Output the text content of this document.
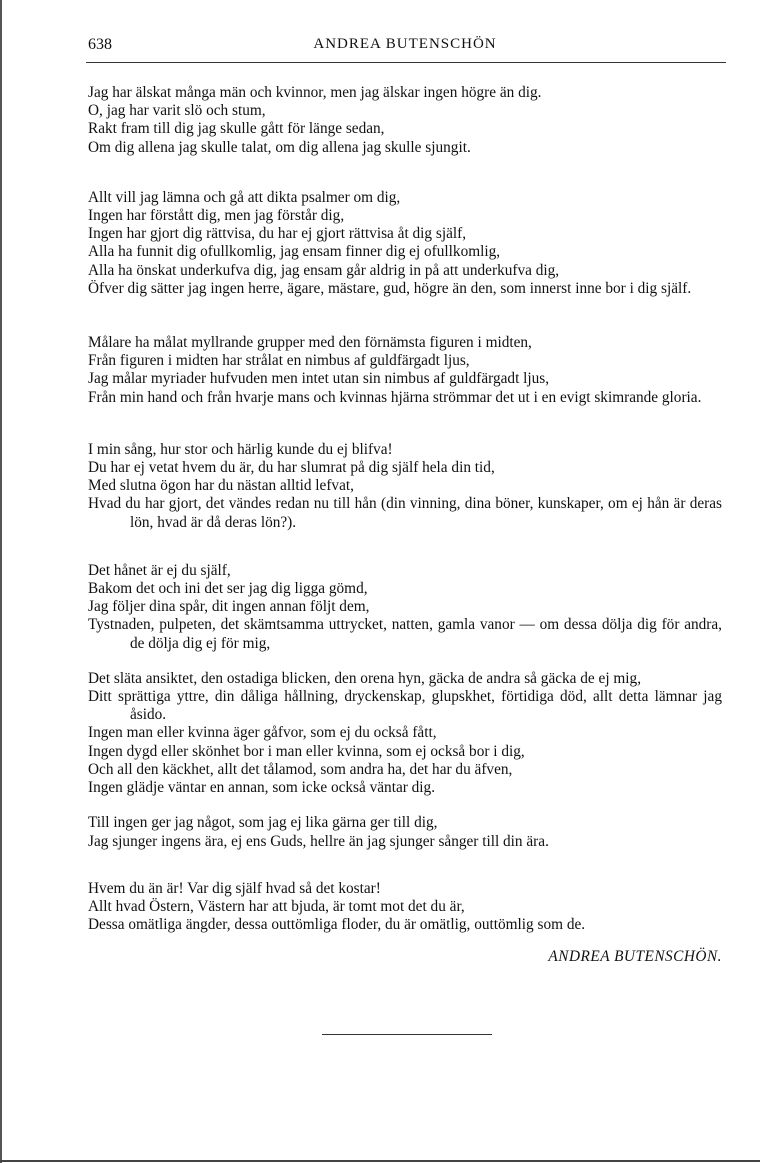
638	ANDREA BUTENSCHÖN
Jag har älskat många män och kvinnor, men jag älskar ingen högre än dig.
O, jag har varit slö och stum,
Rakt fram till dig jag skulle gått för länge sedan,
Om dig allena jag skulle talat, om dig allena jag skulle sjungit.
Allt vill jag lämna och gå att dikta psalmer om dig,
Ingen har förstått dig, men jag förstår dig,
Ingen har gjort dig rättvisa, du har ej gjort rättvisa åt dig själf,
Alla ha funnit dig ofullkomlig, jag ensam finner dig ej ofullkomlig,
Alla ha önskat underkufva dig, jag ensam går aldrig in på att underkufva dig,
Öfver dig sätter jag ingen herre, ägare, mästare, gud, högre än den, som innerst inne bor i dig själf.
Målare ha målat myllrande grupper med den förnämsta figuren i midten,
Från figuren i midten har strålat en nimbus af guldfärgadt ljus,
Jag målar myriader hufvuden men intet utan sin nimbus af guldfärgadt ljus,
Från min hand och från hvarje mans och kvinnas hjärna strömmar det ut i en evigt skimrande gloria.
I min sång, hur stor och härlig kunde du ej blifva!
Du har ej vetat hvem du är, du har slumrat på dig själf hela din tid,
Med slutna ögon har du nästan alltid lefvat,
Hvad du har gjort, det vändes redan nu till hån (din vinning, dina böner, kunskaper, om ej hån är deras lön, hvad är då deras lön?).
Det hånet är ej du själf,
Bakom det och ini det ser jag dig ligga gömd,
Jag följer dina spår, dit ingen annan följt dem,
Tystnaden, pulpeten, det skämtsamma uttrycket, natten, gamla vanor — om dessa dölja dig för andra, de dölja dig ej för mig,
Det släta ansiktet, den ostadiga blicken, den orena hyn, gäcka de andra så gäcka de ej mig,
Ditt sprättiga yttre, din dåliga hållning, dryckenskap, glupskhet, förtidiga död, allt detta lämnar jag åsido.
Ingen man eller kvinna äger gåfvor, som ej du också fått,
Ingen dygd eller skönhet bor i man eller kvinna, som ej också bor i dig,
Och all den käckhet, allt det tålamod, som andra ha, det har du äfven,
Ingen glädje väntar en annan, som icke också väntar dig.
Till ingen ger jag något, som jag ej lika gärna ger till dig,
Jag sjunger ingens ära, ej ens Guds, hellre än jag sjunger sånger till din ära.
Hvem du än är! Var dig själf hvad så det kostar!
Allt hvad Östern, Västern har att bjuda, är tomt mot det du är,
Dessa omätliga ängder, dessa outtömliga floder, du är omätlig, outtömlig som de.
ANDREA BUTENSCHÖN.
